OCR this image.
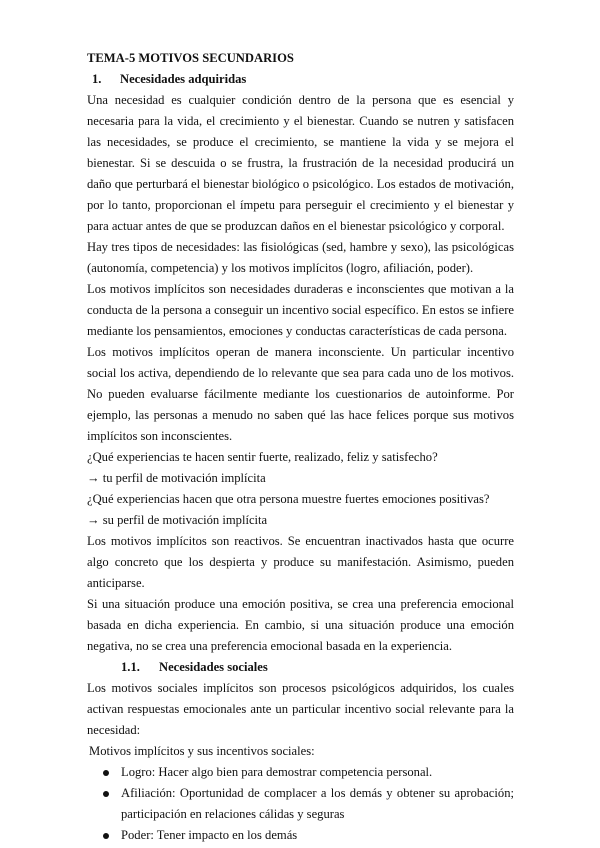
TEMA-5 MOTIVOS SECUNDARIOS

1.	Necesidades adquiridas

Una necesidad es cualquier condición dentro de la persona que es esencial y necesaria para la vida, el crecimiento y el bienestar. Cuando se nutren y satisfacen las necesidades, se produce el crecimiento, se mantiene la vida y se mejora el bienestar. Si se descuida o se frustra, la frustración de la necesidad producirá un daño que perturbará el bienestar biológico o psicológico. Los estados de motivación, por lo tanto, proporcionan el ímpetu para perseguir el crecimiento y el bienestar y para actuar antes de que se produzcan daños en el bienestar psicológico y corporal.

Hay tres tipos de necesidades: las fisiológicas (sed, hambre y sexo), las psicológicas (autonomía, competencia) y los motivos implícitos (logro, afiliación, poder).

Los motivos implícitos son necesidades duraderas e inconscientes que motivan a la conducta de la persona a conseguir un incentivo social específico. En estos se infiere mediante los pensamientos, emociones y conductas características de cada persona.

Los motivos implícitos operan de manera inconsciente. Un particular incentivo social los activa, dependiendo de lo relevante que sea para cada uno de los motivos. No pueden evaluarse fácilmente mediante los cuestionarios de autoinforme. Por ejemplo, las personas a menudo no saben qué las hace felices porque sus motivos implícitos son inconscientes.

¿Qué experiencias te hacen sentir fuerte, realizado, feliz y satisfecho?

→ tu perfil de motivación implícita

¿Qué experiencias hacen que otra persona muestre fuertes emociones positivas?

→ su perfil de motivación implícita

Los motivos implícitos son reactivos. Se encuentran inactivados hasta que ocurre algo concreto que los despierta y produce su manifestación. Asimismo, pueden anticiparse.

Si una situación produce una emoción positiva, se crea una preferencia emocional basada en dicha experiencia. En cambio, si una situación produce una emoción negativa, no se crea una preferencia emocional basada en la experiencia.

1.1.	Necesidades sociales

Los motivos sociales implícitos son procesos psicológicos adquiridos, los cuales activan respuestas emocionales ante un particular incentivo social relevante para la necesidad:

Motivos implícitos y sus incentivos sociales:

Logro: Hacer algo bien para demostrar competencia personal.
Afiliación: Oportunidad de complacer a los demás y obtener su aprobación; participación en relaciones cálidas y seguras
Poder: Tener impacto en los demás
